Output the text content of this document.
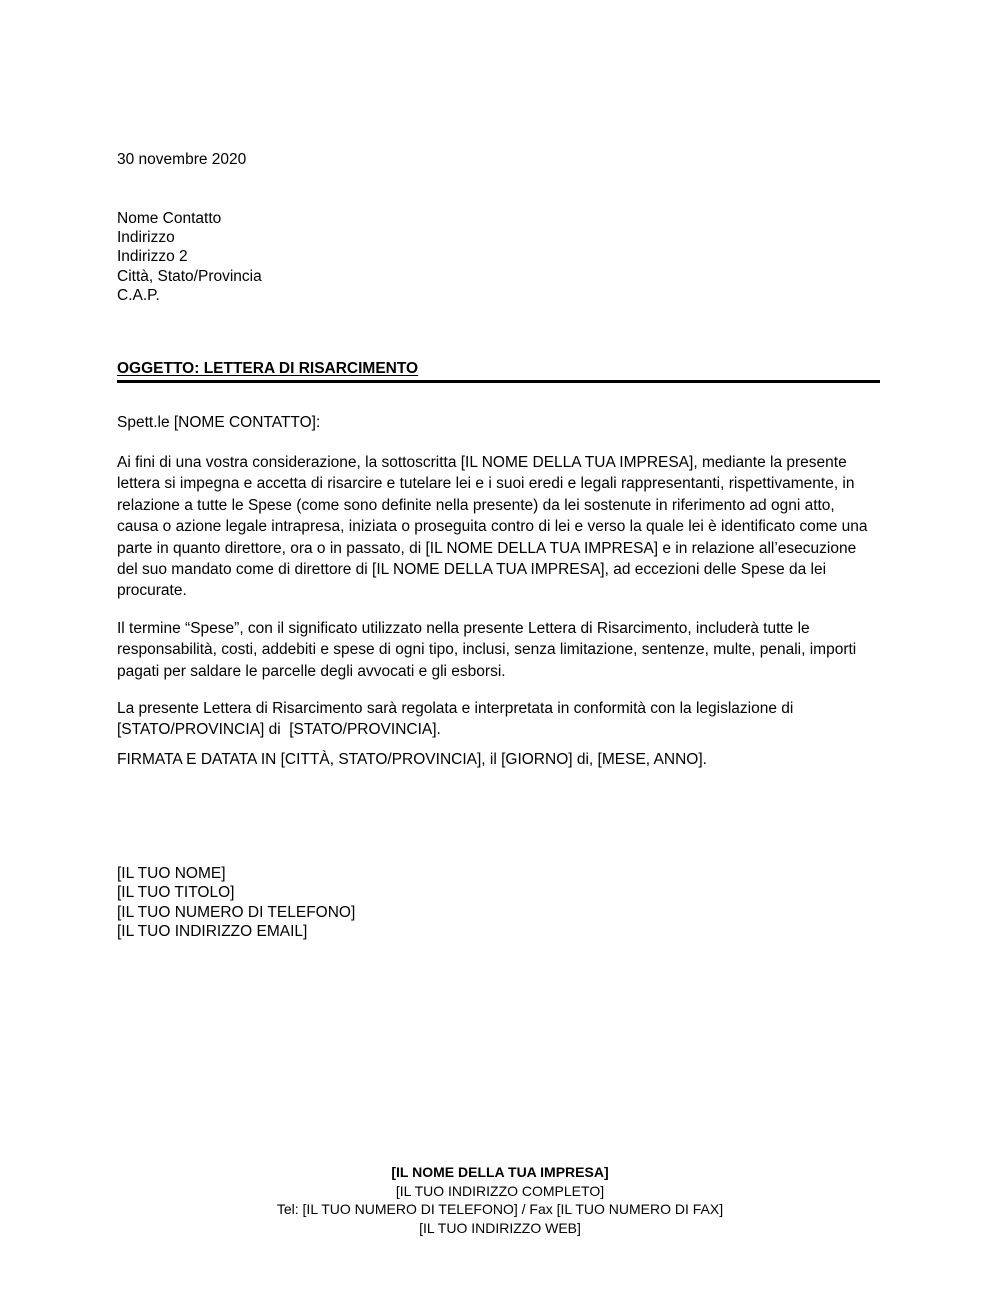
30 novembre 2020
Nome Contatto
Indirizzo
Indirizzo 2
Città, Stato/Provincia
C.A.P.
OGGETTO: LETTERA DI RISARCIMENTO
Spett.le [NOME CONTATTO]:

Ai fini di una vostra considerazione, la sottoscritta [IL NOME DELLA TUA IMPRESA], mediante la presente lettera si impegna e accetta di risarcire e tutelare lei e i suoi eredi e legali rappresentanti, rispettivamente, in relazione a tutte le Spese (come sono definite nella presente) da lei sostenute in riferimento ad ogni atto, causa o azione legale intrapresa, iniziata o proseguita contro di lei e verso la quale lei è identificato come una parte in quanto direttore, ora o in passato, di [IL NOME DELLA TUA IMPRESA] e in relazione all’esecuzione del suo mandato come di direttore di [IL NOME DELLA TUA IMPRESA], ad eccezioni delle Spese da lei procurate.

Il termine “Spese”, con il significato utilizzato nella presente Lettera di Risarcimento, includerà tutte le responsabilità, costi, addebiti e spese di ogni tipo, inclusi, senza limitazione, sentenze, multe, penali, importi pagati per saldare le parcelle degli avvocati e gli esborsi.

La presente Lettera di Risarcimento sarà regolata e interpretata in conformità con la legislazione di [STATO/PROVINCIA] di  [STATO/PROVINCIA].

FIRMATA E DATATA IN [CITTÀ, STATO/PROVINCIA], il [GIORNO] di, [MESE, ANNO].
[IL TUO NOME]
[IL TUO TITOLO]
[IL TUO NUMERO DI TELEFONO]
[IL TUO INDIRIZZO EMAIL]
[IL NOME DELLA TUA IMPRESA]
[IL TUO INDIRIZZO COMPLETO]
Tel: [IL TUO NUMERO DI TELEFONO] / Fax [IL TUO NUMERO DI FAX]
[IL TUO INDIRIZZO WEB]
